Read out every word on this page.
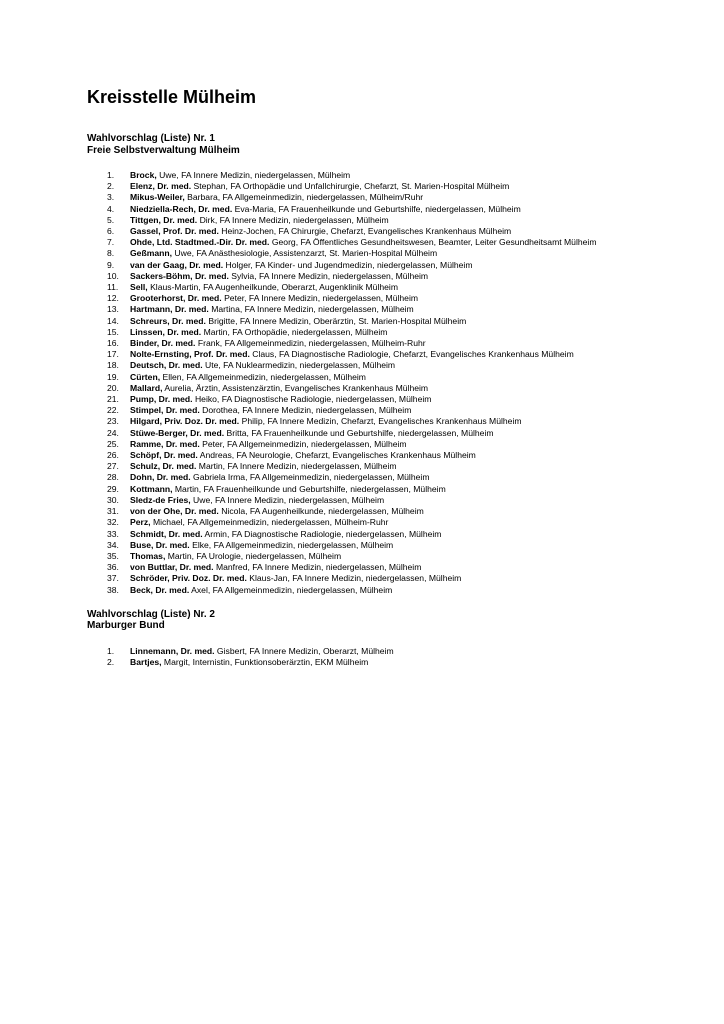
Kreisstelle Mülheim
Wahlvorschlag (Liste) Nr. 1
Freie Selbstverwaltung Mülheim
1.	Brock, Uwe, FA Innere Medizin, niedergelassen, Mülheim
2.	Elenz, Dr. med. Stephan, FA Orthopädie und Unfallchirurgie, Chefarzt, St. Marien-Hospital Mülheim
3.	Mikus-Weiler, Barbara, FA Allgemeinmedizin, niedergelassen, Mülheim/Ruhr
4.	Niedziella-Rech, Dr. med. Eva-Maria, FA Frauenheilkunde und Geburtshilfe, niedergelassen, Mülheim
5.	Tittgen, Dr. med. Dirk, FA Innere Medizin, niedergelassen, Mülheim
6.	Gassel, Prof. Dr. med. Heinz-Jochen, FA Chirurgie, Chefarzt, Evangelisches Krankenhaus Mülheim
7.	Ohde, Ltd. Stadtmed.-Dir. Dr. med. Georg, FA Öffentliches Gesundheitswesen, Beamter, Leiter Gesundheitsamt Mülheim
8.	Geßmann, Uwe, FA Anästhesiologie, Assistenzarzt, St. Marien-Hospital Mülheim
9.	van der Gaag, Dr. med. Holger, FA Kinder- und Jugendmedizin, niedergelassen, Mülheim
10.	Sackers-Böhm, Dr. med. Sylvia, FA Innere Medizin, niedergelassen, Mülheim
11.	Sell, Klaus-Martin, FA Augenheilkunde, Oberarzt, Augenklinik Mülheim
12.	Grooterhorst, Dr. med. Peter, FA Innere Medizin, niedergelassen, Mülheim
13.	Hartmann, Dr. med. Martina, FA Innere Medizin, niedergelassen, Mülheim
14.	Schreurs, Dr. med. Brigitte, FA Innere Medizin, Oberärztin, St. Marien-Hospital Mülheim
15.	Linssen, Dr. med. Martin, FA Orthopädie, niedergelassen, Mülheim
16.	Binder, Dr. med. Frank, FA Allgemeinmedizin, niedergelassen, Mülheim-Ruhr
17.	Nolte-Ernsting, Prof. Dr. med. Claus, FA Diagnostische Radiologie, Chefarzt, Evangelisches Krankenhaus Mülheim
18.	Deutsch, Dr. med. Ute, FA Nuklearmedizin, niedergelassen, Mülheim
19.	Cürten, Ellen, FA Allgemeinmedizin, niedergelassen, Mülheim
20.	Mallard, Aurelia, Ärztin, Assistenzärztin, Evangelisches Krankenhaus Mülheim
21.	Pump, Dr. med. Heiko, FA Diagnostische Radiologie, niedergelassen, Mülheim
22.	Stimpel, Dr. med. Dorothea, FA Innere Medizin, niedergelassen, Mülheim
23.	Hilgard, Priv. Doz. Dr. med. Philip, FA Innere Medizin, Chefarzt, Evangelisches Krankenhaus Mülheim
24.	Stüwe-Berger, Dr. med. Britta, FA Frauenheilkunde und Geburtshilfe, niedergelassen, Mülheim
25.	Ramme, Dr. med. Peter, FA Allgemeinmedizin, niedergelassen, Mülheim
26.	Schöpf, Dr. med. Andreas, FA Neurologie, Chefarzt, Evangelisches Krankenhaus Mülheim
27.	Schulz, Dr. med. Martin, FA Innere Medizin, niedergelassen, Mülheim
28.	Dohn, Dr. med. Gabriela Irma, FA Allgemeinmedizin, niedergelassen, Mülheim
29.	Kottmann, Martin, FA Frauenheilkunde und Geburtshilfe, niedergelassen, Mülheim
30.	Sledz-de Fries, Uwe, FA Innere Medizin, niedergelassen, Mülheim
31.	von der Ohe, Dr. med. Nicola, FA Augenheilkunde, niedergelassen, Mülheim
32.	Perz, Michael, FA Allgemeinmedizin, niedergelassen, Mülheim-Ruhr
33.	Schmidt, Dr. med. Armin, FA Diagnostische Radiologie, niedergelassen, Mülheim
34.	Buse, Dr. med. Elke, FA Allgemeinmedizin, niedergelassen, Mülheim
35.	Thomas, Martin, FA Urologie, niedergelassen, Mülheim
36.	von Buttlar, Dr. med. Manfred, FA Innere Medizin, niedergelassen, Mülheim
37.	Schröder, Priv. Doz. Dr. med. Klaus-Jan, FA Innere Medizin, niedergelassen, Mülheim
38.	Beck, Dr. med. Axel, FA Allgemeinmedizin, niedergelassen, Mülheim
Wahlvorschlag (Liste) Nr. 2
Marburger Bund
1.	Linnemann, Dr. med. Gisbert, FA Innere Medizin, Oberarzt, Mülheim
2.	Bartjes, Margit, Internistin, Funktionsoberärztin, EKM Mülheim
